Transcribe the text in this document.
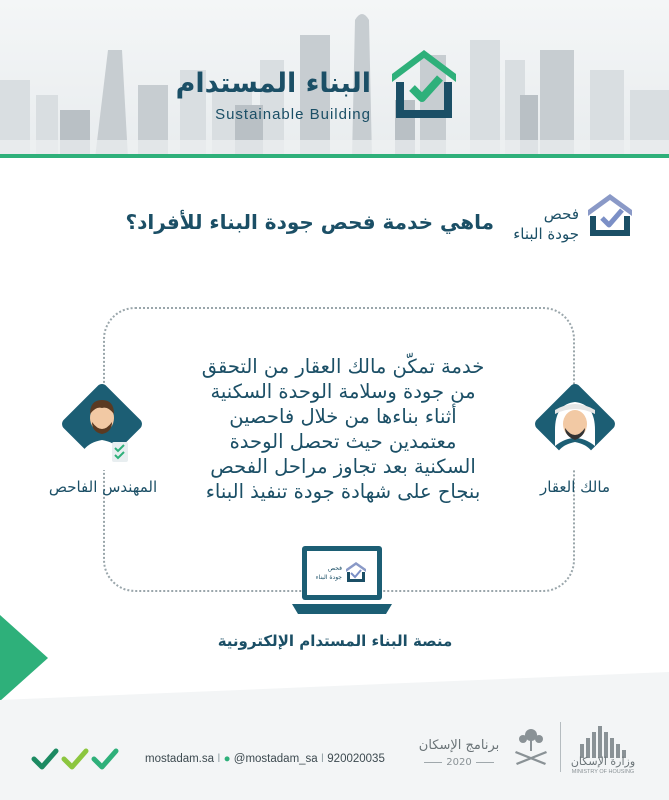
البناء المستدام
Sustainable Building
ماهي خدمة فحص جودة البناء للأفراد؟	فحص
جودة البناء
خدمة تمكّن مالك العقار من التحقق
من جودة وسلامة الوحدة السكنية
أثناء بناءها من خلال فاحصين
معتمدين حيث تحصل الوحدة
السكنية بعد تجاوز مراحل الفحص
بنجاح على شهادة جودة تنفيذ البناء	مالك العقار
المهندس الفاحص
فحص
جودة البناء
منصة البناء المستدام الإلكترونية
mostadam.sa I ● @mostadam_sa I 920020035
برنامج الإسكان
2020	وزارة الإسكان
MINISTRY OF HOUSING
